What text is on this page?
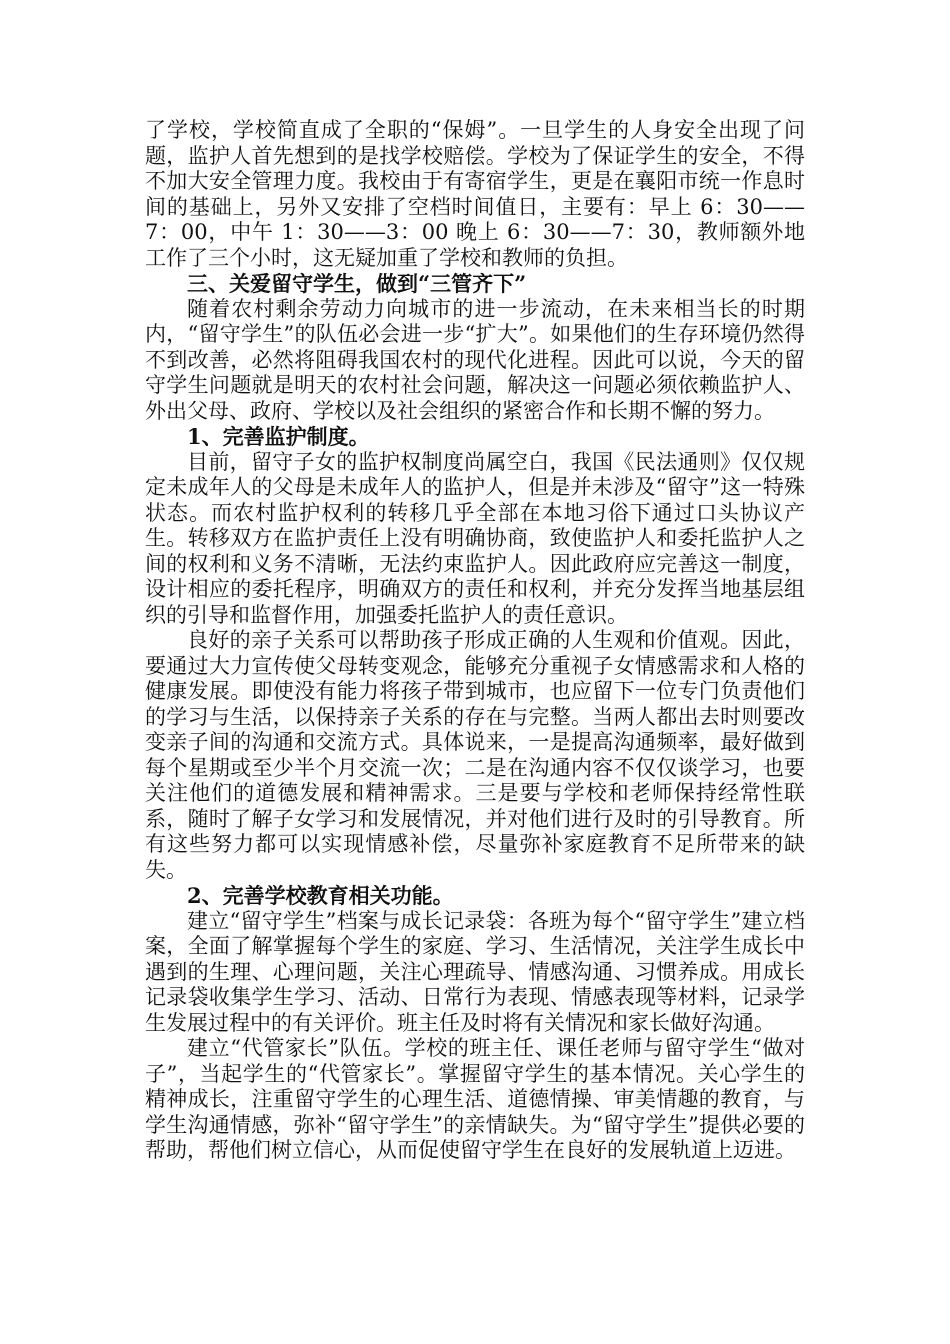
了学校，学校简直成了全职的“保姆”。一旦学生的人身安全出现了问题，监护人首先想到的是找学校赔偿。学校为了保证学生的安全，不得不加大安全管理力度。我校由于有寄宿学生，更是在襄阳市统一作息时间的基础上，另外又安排了空档时间值日，主要有：早上 6：30——7：00，中午 1：30——3：00 晚上 6：30——7：30，教师额外地工作了三个小时，这无疑加重了学校和教师的负担。

三、关爱留守学生，做到“三管齐下”

随着农村剩余劳动力向城市的进一步流动，在未来相当长的时期内，“留守学生”的队伍必会进一步“扩大”。如果他们的生存环境仍然得不到改善，必然将阻碍我国农村的现代化进程。因此可以说，今天的留守学生问题就是明天的农村社会问题，解决这一问题必须依赖监护人、外出父母、政府、学校以及社会组织的紧密合作和长期不懈的努力。

1、完善监护制度。

目前，留守子女的监护权制度尚属空白，我国《民法通则》仅仅规定未成年人的父母是未成年人的监护人，但是并未涉及“留守”这一特殊状态。而农村监护权利的转移几乎全部在本地习俗下通过口头协议产生。转移双方在监护责任上没有明确协商，致使监护人和委托监护人之间的权利和义务不清晰，无法约束监护人。因此政府应完善这一制度，设计相应的委托程序，明确双方的责任和权利，并充分发挥当地基层组织的引导和监督作用，加强委托监护人的责任意识。

良好的亲子关系可以帮助孩子形成正确的人生观和价值观。因此，要通过大力宣传使父母转变观念，能够充分重视子女情感需求和人格的健康发展。即使没有能力将孩子带到城市，也应留下一位专门负责他们的学习与生活，以保持亲子关系的存在与完整。当两人都出去时则要改变亲子间的沟通和交流方式。具体说来，一是提高沟通频率，最好做到每个星期或至少半个月交流一次；二是在沟通内容不仅仅谈学习，也要关注他们的道德发展和精神需求。三是要与学校和老师保持经常性联系，随时了解子女学习和发展情况，并对他们进行及时的引导教育。所有这些努力都可以实现情感补偿，尽量弥补家庭教育不足所带来的缺失。

2、完善学校教育相关功能。

建立“留守学生”档案与成长记录袋：各班为每个“留守学生”建立档案，全面了解掌握每个学生的家庭、学习、生活情况，关注学生成长中遇到的生理、心理问题，关注心理疏导、情感沟通、习惯养成。用成长记录袋收集学生学习、活动、日常行为表现、情感表现等材料，记录学生发展过程中的有关评价。班主任及时将有关情况和家长做好沟通。

建立“代管家长”队伍。学校的班主任、课任老师与留守学生“做对子”，当起学生的“代管家长”。掌握留守学生的基本情况。关心学生的精神成长，注重留守学生的心理生活、道德情操、审美情趣的教育，与学生沟通情感，弥补“留守学生”的亲情缺失。为“留守学生”提供必要的帮助，帮他们树立信心，从而促使留守学生在良好的发展轨道上迈进。
